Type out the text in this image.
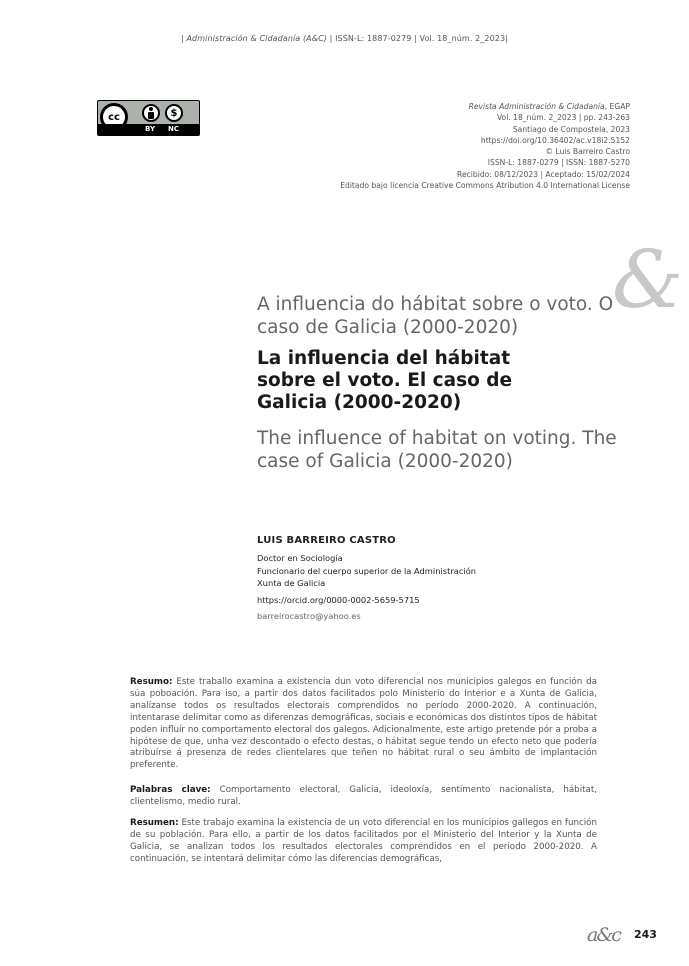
| Administración & Cidadanía (A&C) | ISSN-L: 1887-0279 | Vol. 18_núm. 2_2023|
cc	$
BY NC
Revista Administración & Cidadanía, EGAP
Vol. 18_núm. 2_2023 | pp. 243-263
Santiago de Compostela, 2023
https://doi.org/10.36402/ac.v18i2.5152
© Luis Barreiro Castro
ISSN-L: 1887-0279 | ISSN: 1887-5270
Recibido: 08/12/2023 | Aceptado: 15/02/2024
Editado bajo licencia Creative Commons Atribution 4.0 International License
&
A influencia do hábitat sobre o voto. O caso de Galicia (2000-2020)
La influencia del hábitat sobre el voto. El caso de Galicia (2000-2020)
The influence of habitat on voting. The case of Galicia (2000-2020)
LUIS BARREIRO CASTRO
Doctor en Sociología
Funcionario del cuerpo superior de la Administración
Xunta de Galicia
https://orcid.org/0000-0002-5659-5715
barreirocastro@yahoo.es
Resumo: Este traballo examina a existencia dun voto diferencial nos municipios galegos en función da súa poboación. Para iso, a partir dos datos facilitados polo Ministerio do Interior e a Xunta de Galicia, analízanse todos os resultados electorais comprendidos no período 2000-2020. A continuación, intentarase delimitar como as diferenzas demográficas, sociais e económicas dos distintos tipos de hábitat poden influír no comportamento electoral dos galegos. Adicionalmente, este artigo pretende pór a proba a hipótese de que, unha vez descontado o efecto destas, o hábitat segue tendo un efecto neto que podería atribuírse á presenza de redes clientelares que teñen no hábitat rural o seu ámbito de implantación preferente.
Palabras clave: Comportamento electoral, Galicia, ideoloxía, sentimento nacionalista, hábitat, clientelismo, medio rural.
Resumen: Este trabajo examina la existencia de un voto diferencial en los municipios gallegos en función de su población. Para ello, a partir de los datos facilitados por el Ministerio del Interior y la Xunta de Galicia, se analizan todos los resultados electorales comprendidos en el periodo 2000-2020. A continuación, se intentará delimitar cómo las diferencias demográficas,
a&c 243
